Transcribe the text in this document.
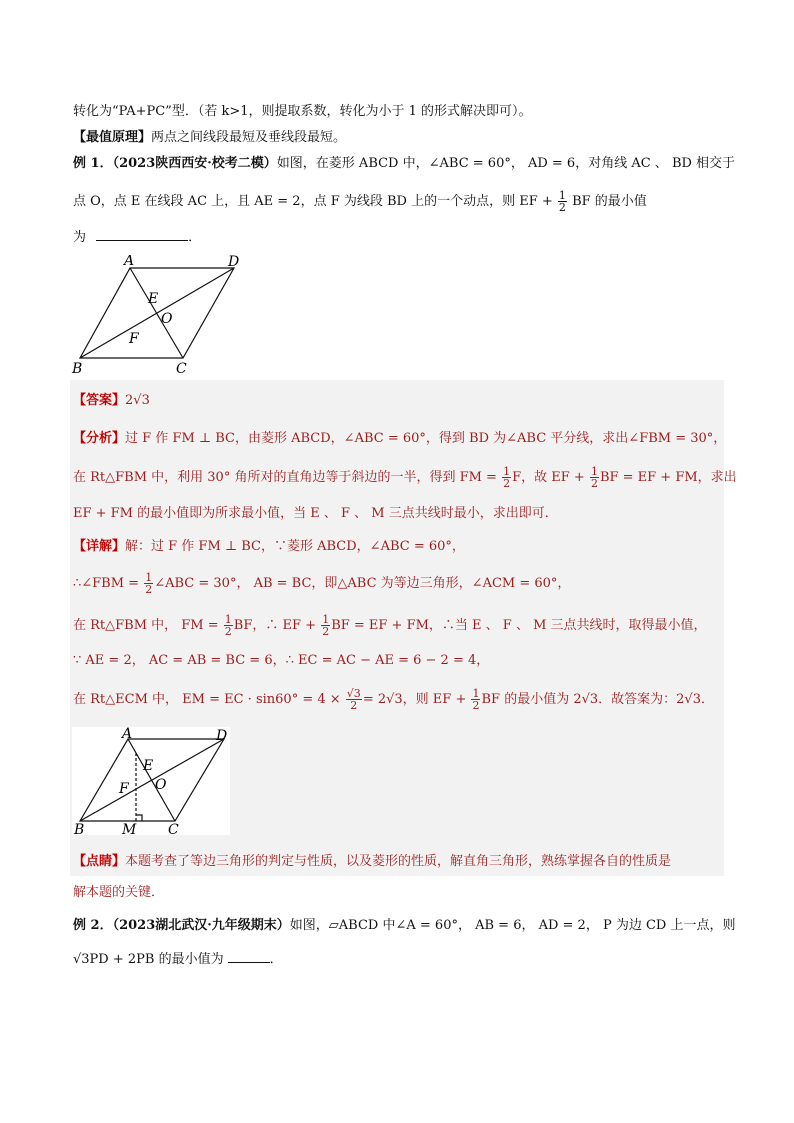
转化为“PA+PC”型．（若 k>1，则提取系数，转化为小于 1 的形式解决即可）。
【最值原理】两点之间线段最短及垂线段最短。
例 1．（2023陕西西安·校考二模）如图，在菱形 ABCD 中，∠ABC = 60°， AD = 6，对角线 AC 、 BD 相交于
点 O，点 E 在线段 AC 上，且 AE = 2，点 F 为线段 BD 上的一个动点，则 EF + $\frac{1}{2}$ BF 的最小值
为	．
A	D
B	C
E
O
F
【答案】2√3
【分析】过 F 作 FM ⊥ BC，由菱形 ABCD，∠ABC = 60°，得到 BD 为∠ABC 平分线，求出∠FBM = 30°，
在 Rt△FBM 中，利用 30° 角所对的直角边等于斜边的一半，得到 FM = $\frac{1}{2}$ F，故 EF + $\frac{1}{2}$ BF = EF + FM，求出
EF + FM 的最小值即为所求最小值，当 E 、 F 、 M 三点共线时最小，求出即可．
【详解】解：过 F 作 FM ⊥ BC，∵菱形 ABCD，∠ABC = 60°，
∴∠FBM = $\frac{1}{2}$ ∠ABC = 30°， AB = BC，即△ABC 为等边三角形，∠ACM = 60°，
在 Rt△FBM 中， FM = $\frac{1}{2}$ BF，∴ EF + $\frac{1}{2}$ BF = EF + FM，∴当 E 、 F 、 M 三点共线时，取得最小值，
∵ AE = 2， AC = AB = BC = 6，∴ EC = AC − AE = 6 − 2 = 4，
在 Rt△ECM 中， EM = EC · $\sin 60^\circ = 4 \times \frac{√3}{2} = 2√3$，则 EF + $\frac{1}{2}$ BF 的最小值为 2√3．故答案为：2√3．
A	D
B	C
E
O
F
M
【点睛】本题考查了等边三角形的判定与性质，以及菱形的性质，解直角三角形，熟练掌握各自的性质是
解本题的关键．
例 2．（2023湖北武汉·九年级期末）如图，▱ABCD 中∠A = 60°， AB = 6， AD = 2， P 为边 CD 上一点，则
√3PD + 2PB 的最小值为	．
